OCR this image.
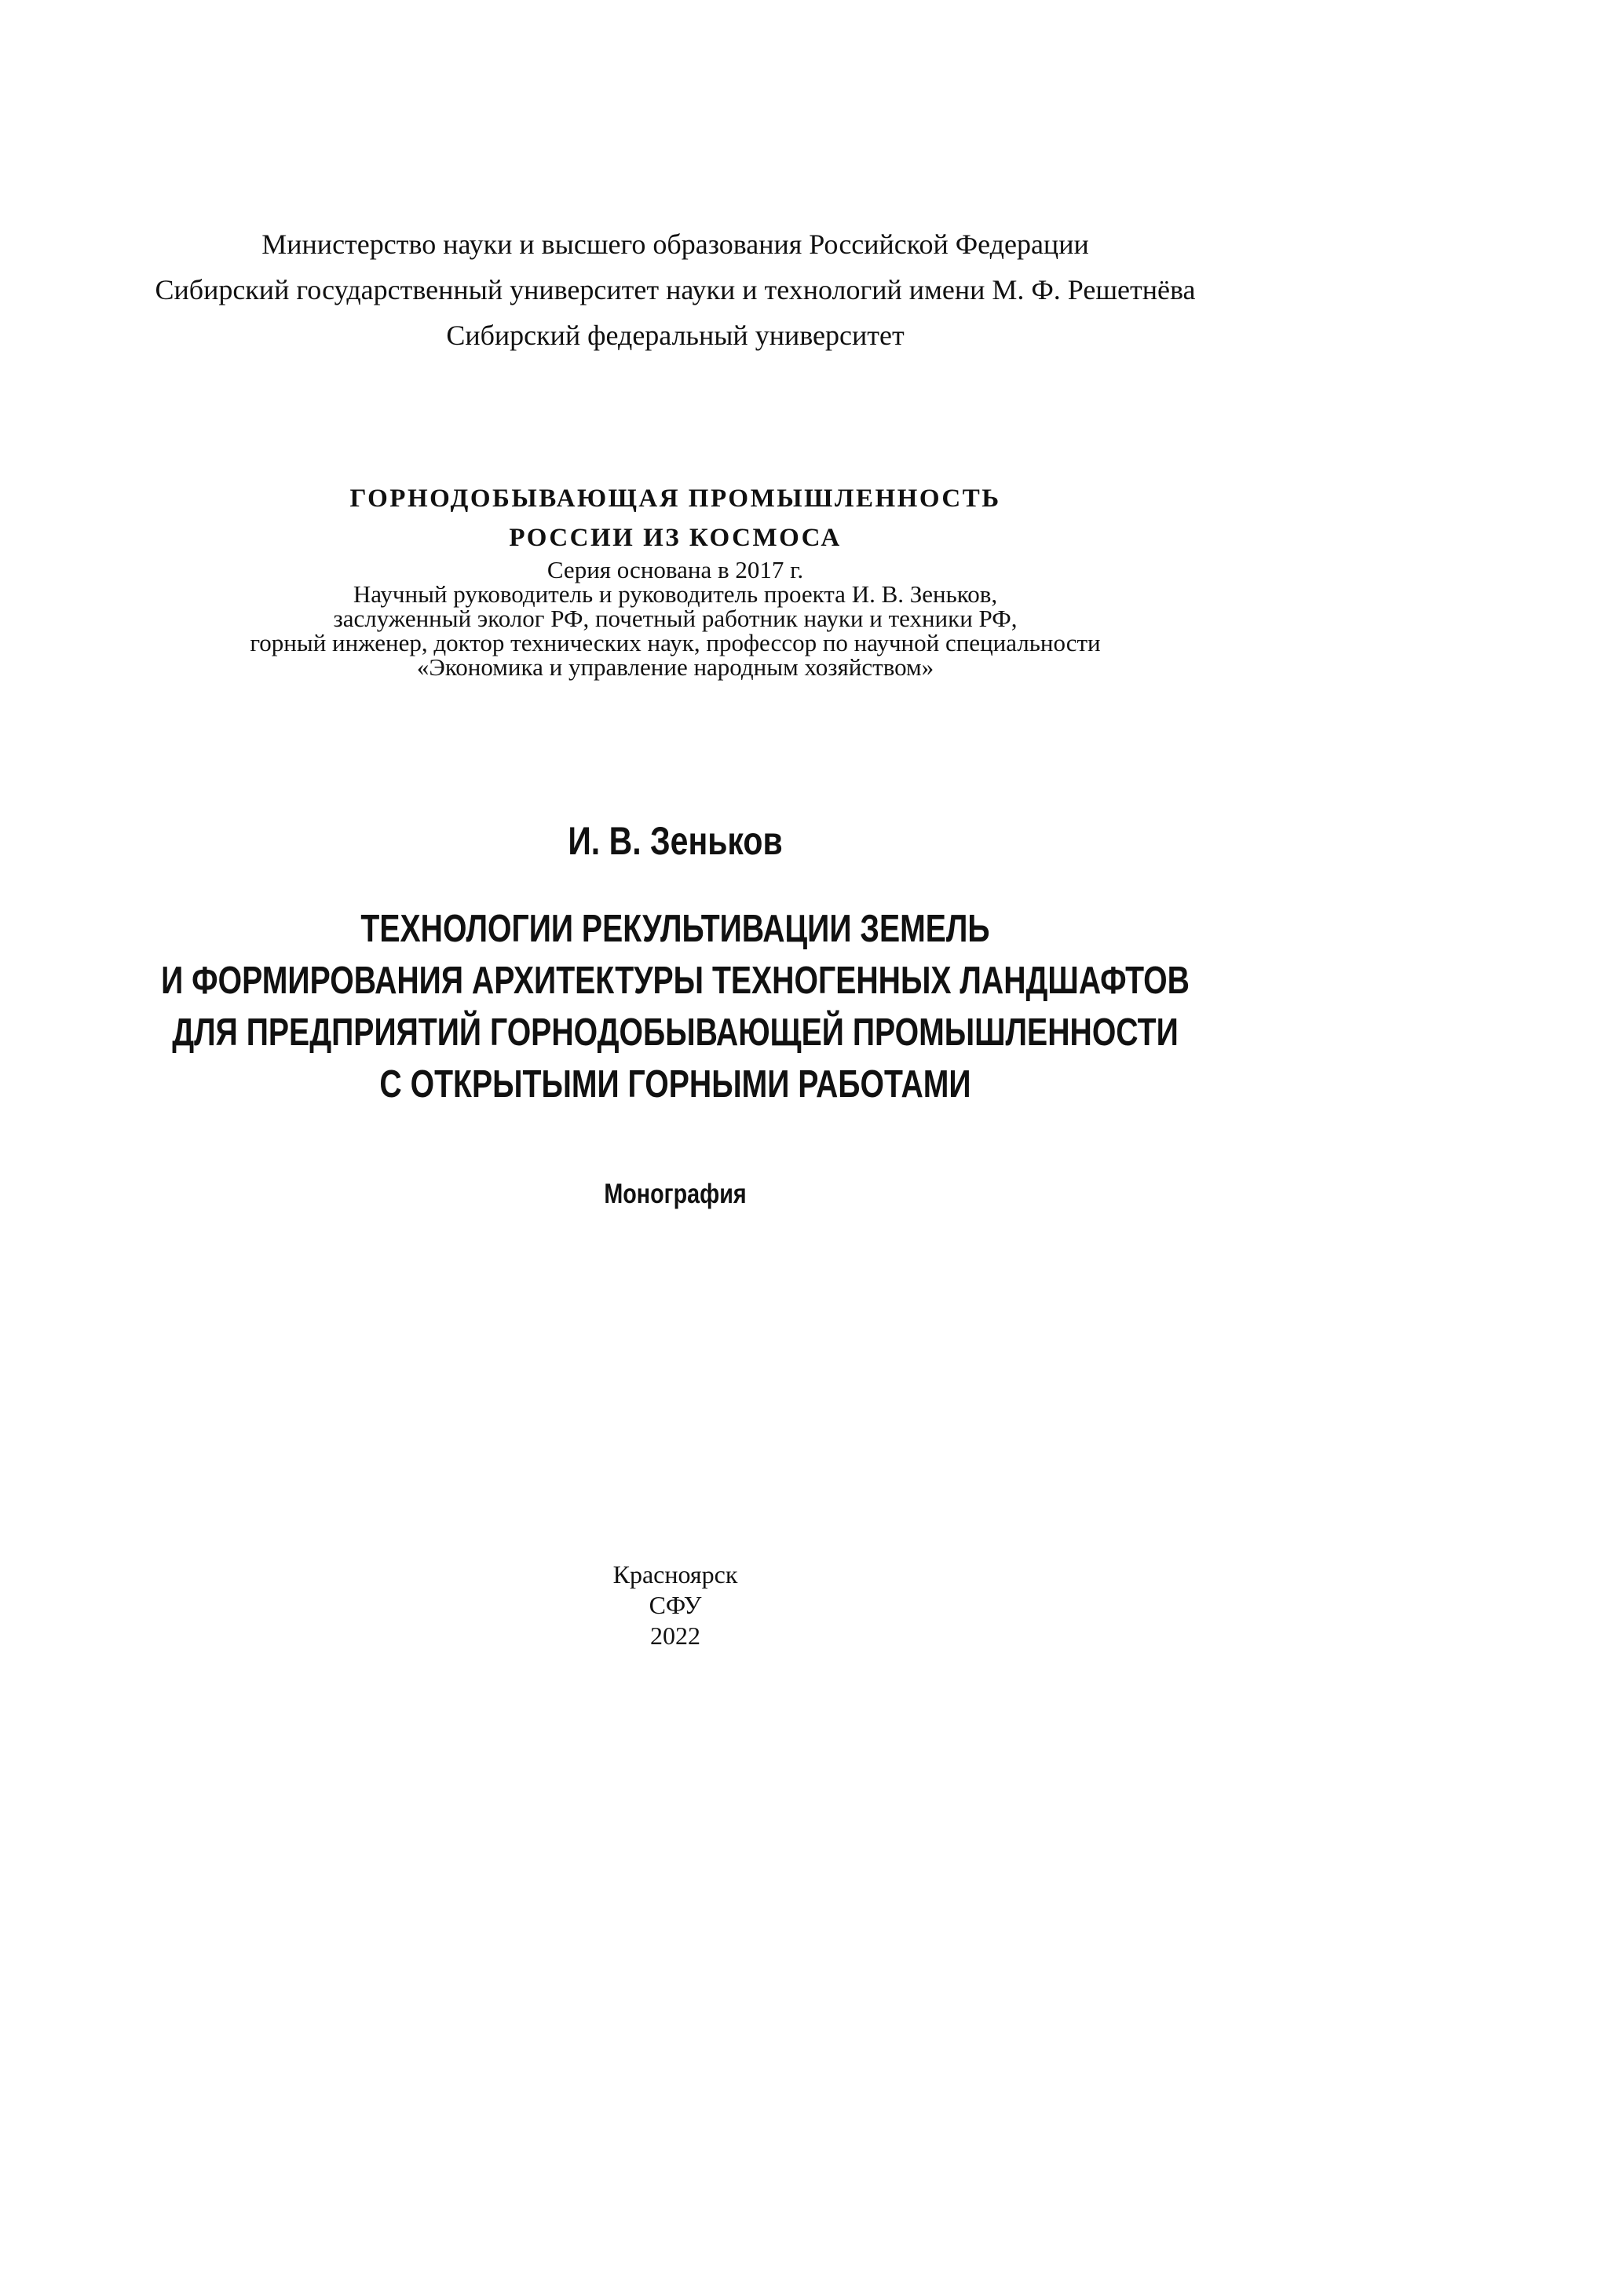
Министерство науки и высшего образования Российской Федерации
Сибирский государственный университет науки и технологий имени М. Ф. Решетнёва
Сибирский федеральный университет
ГОРНОДОБЫВАЮЩАЯ ПРОМЫШЛЕННОСТЬ
РОССИИ ИЗ КОСМОСА
Серия основана в 2017 г.
Научный руководитель и руководитель проекта И. В. Зеньков,
заслуженный эколог РФ, почетный работник науки и техники РФ,
горный инженер, доктор технических наук, профессор по научной специальности
«Экономика и управление народным хозяйством»
И. В. Зеньков
ТЕХНОЛОГИИ РЕКУЛЬТИВАЦИИ ЗЕМЕЛЬ
И ФОРМИРОВАНИЯ АРХИТЕКТУРЫ ТЕХНОГЕННЫХ ЛАНДШАФТОВ
ДЛЯ ПРЕДПРИЯТИЙ ГОРНОДОБЫВАЮЩЕЙ ПРОМЫШЛЕННОСТИ
С ОТКРЫТЫМИ ГОРНЫМИ РАБОТАМИ
Монография
Красноярск
СФУ
2022
